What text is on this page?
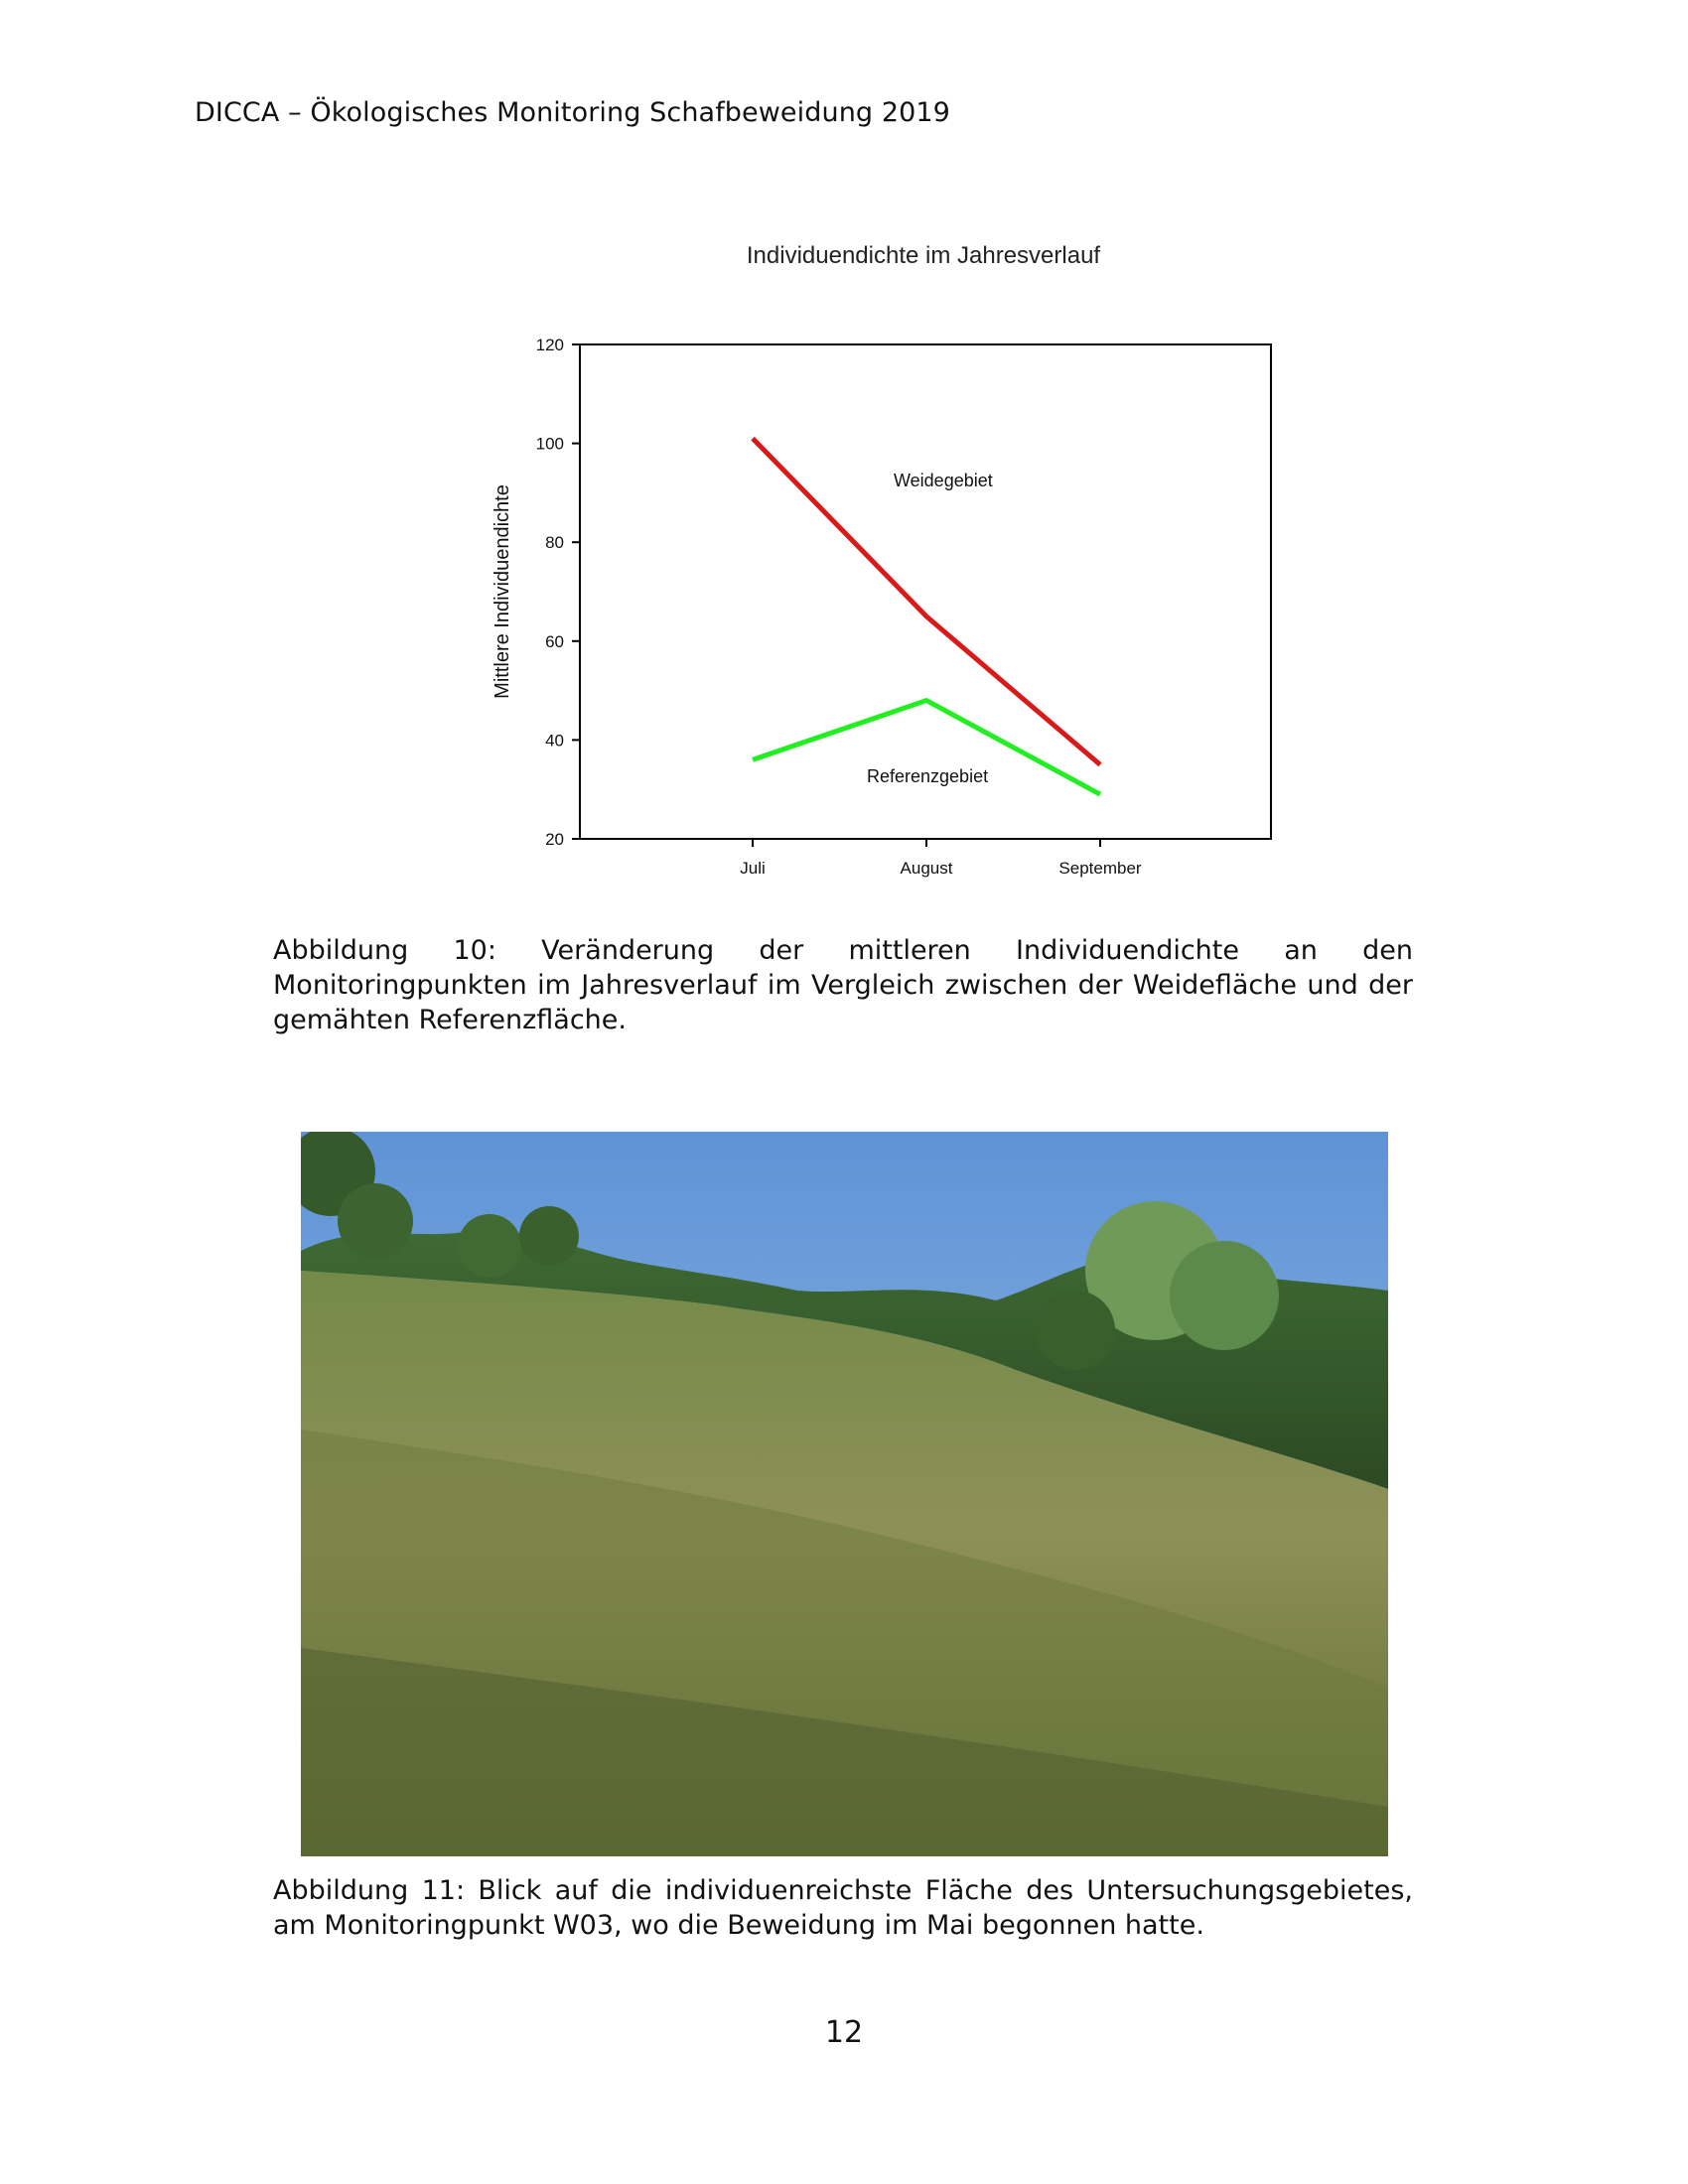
DICCA – Ökologisches Monitoring Schafbeweidung 2019
Individuendichte im Jahresverlauf
Mittlere Individuendichte
20
40
60
80
100
120
Juli	August	September
Weidegebiet
Referenzgebiet
Abbildung 10: Veränderung der mittleren Individuendichte an den Monitoringpunkten im Jahresverlauf im Vergleich zwischen der Weidefläche und der gemähten Referenzfläche.
Abbildung 11: Blick auf die individuenreichste Fläche des Untersuchungsgebietes, am Monitoringpunkt W03, wo die Beweidung im Mai begonnen hatte.
12
